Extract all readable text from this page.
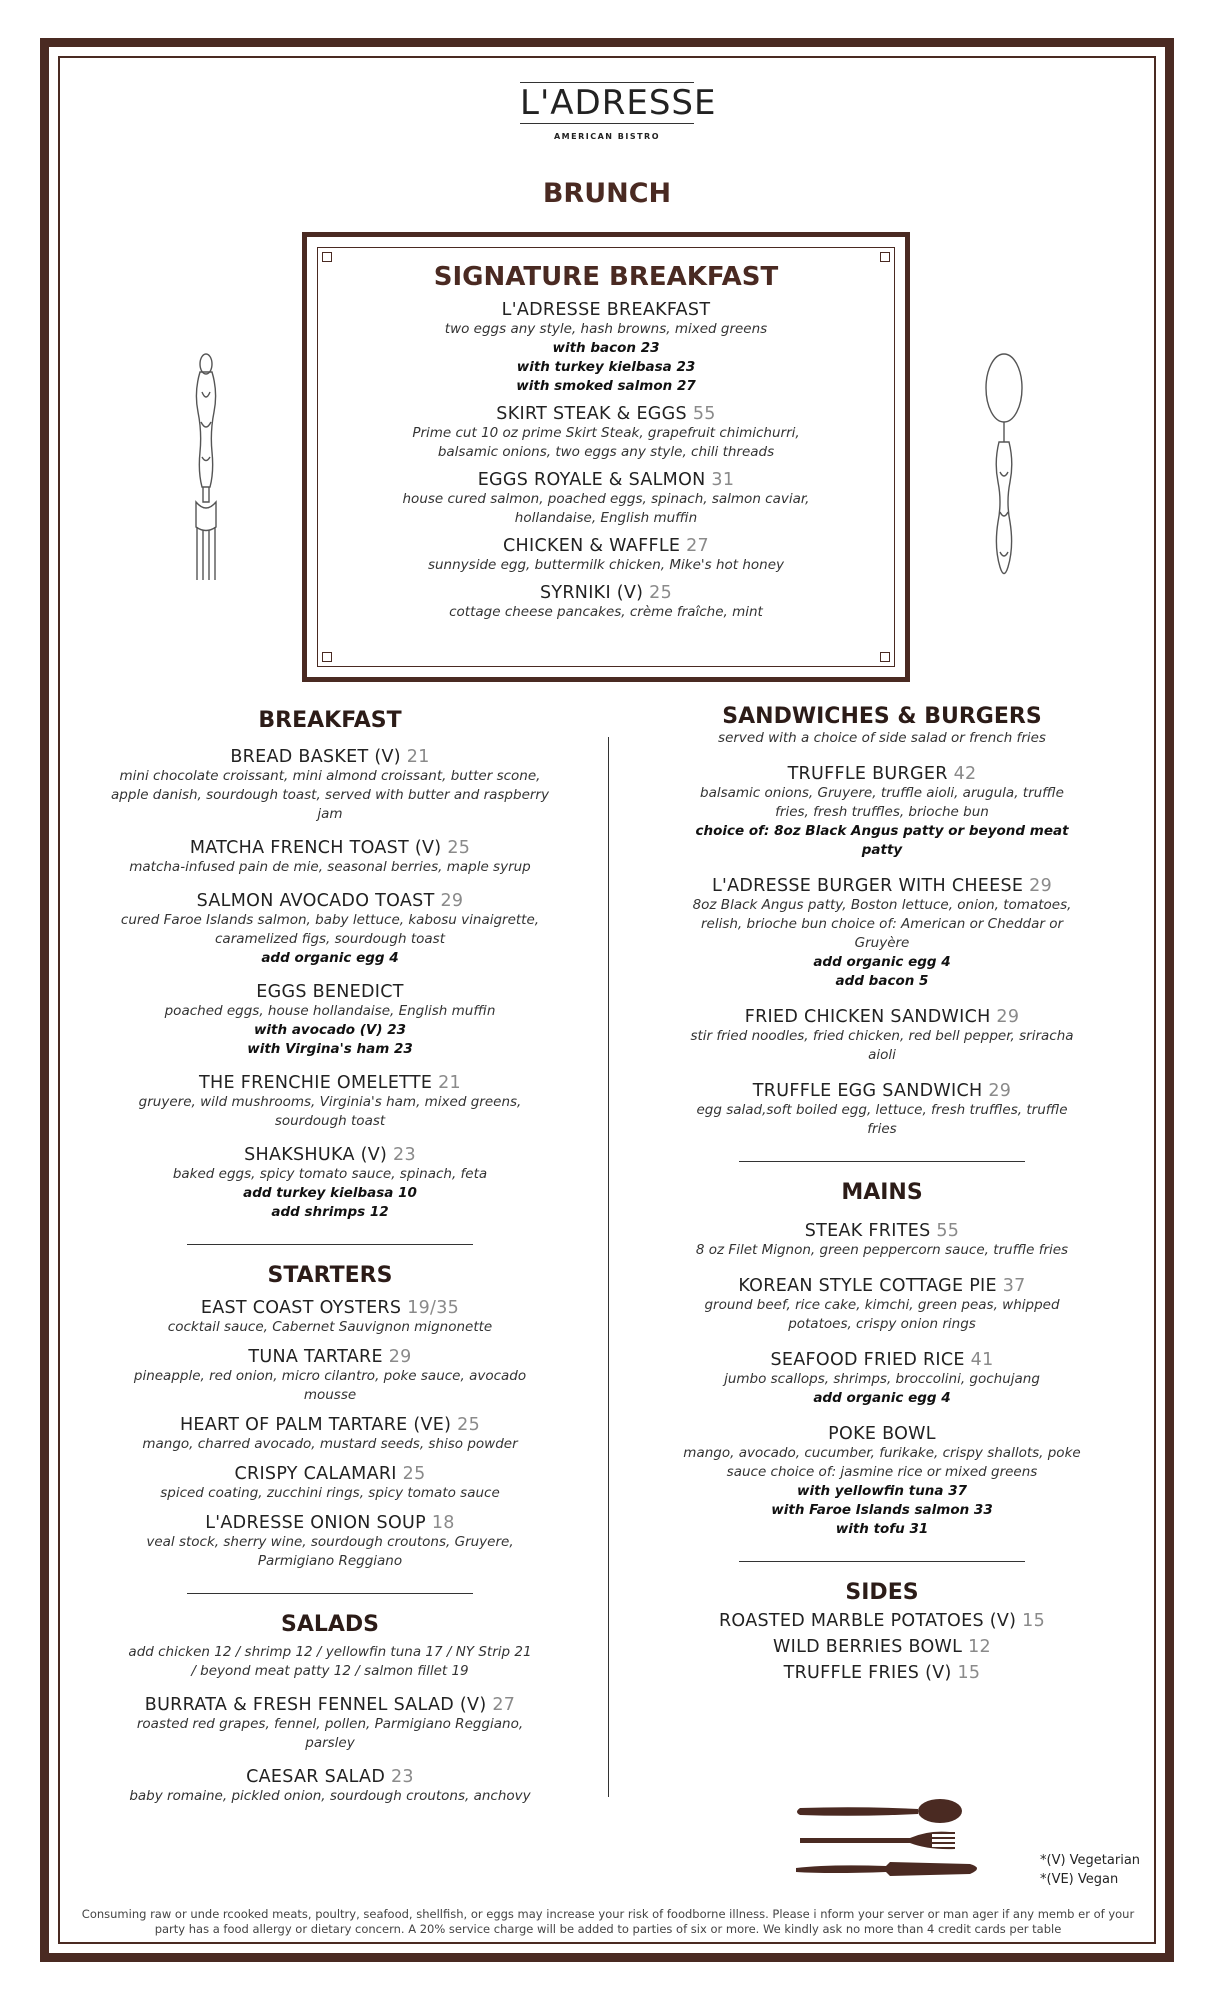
L'ADRESSE
AMERICAN BISTRO
BRUNCH
SIGNATURE BREAKFAST
L'ADRESSE BREAKFAST
two eggs any style, hash browns, mixed greens
with bacon 23
with turkey kielbasa 23
with smoked salmon 27
SKIRT STEAK & EGGS 55
Prime cut 10 oz prime Skirt Steak, grapefruit chimichurri, balsamic onions, two eggs any style, chili threads
EGGS ROYALE & SALMON 31
house cured salmon, poached eggs, spinach, salmon caviar, hollandaise, English muffin
CHICKEN & WAFFLE 27
sunnyside egg, buttermilk chicken, Mike's hot honey
SYRNIKI (V) 25
cottage cheese pancakes, crème fraîche, mint
BREAKFAST
BREAD BASKET (V) 21
mini chocolate croissant, mini almond croissant, butter scone, apple danish, sourdough toast, served with butter and raspberry jam
MATCHA FRENCH TOAST (V) 25
matcha-infused pain de mie, seasonal berries, maple syrup
SALMON AVOCADO TOAST 29
cured Faroe Islands salmon, baby lettuce, kabosu vinaigrette, caramelized figs, sourdough toast
add organic egg 4
EGGS BENEDICT
poached eggs, house hollandaise, English muffin
with avocado (V) 23
with Virgina's ham 23
THE FRENCHIE OMELETTE 21
gruyere, wild mushrooms, Virginia's ham, mixed greens, sourdough toast
SHAKSHUKA (V) 23
baked eggs, spicy tomato sauce, spinach, feta
add turkey kielbasa 10
add shrimps 12
STARTERS
EAST COAST OYSTERS 19/35
cocktail sauce, Cabernet Sauvignon mignonette
TUNA TARTARE 29
pineapple, red onion, micro cilantro, poke sauce, avocado mousse
HEART OF PALM TARTARE (VE) 25
mango, charred avocado, mustard seeds, shiso powder
CRISPY CALAMARI 25
spiced coating, zucchini rings, spicy tomato sauce
L'ADRESSE ONION SOUP 18
veal stock, sherry wine, sourdough croutons, Gruyere, Parmigiano Reggiano
SALADS
add chicken 12 / shrimp 12 / yellowfin tuna 17 / NY Strip 21 / beyond meat patty 12 / salmon fillet 19
BURRATA & FRESH FENNEL SALAD (V) 27
roasted red grapes, fennel, pollen, Parmigiano Reggiano, parsley
CAESAR SALAD 23
baby romaine, pickled onion, sourdough croutons, anchovy
SANDWICHES & BURGERS
served with a choice of side salad or french fries
TRUFFLE BURGER 42
balsamic onions, Gruyere, truffle aioli, arugula, truffle fries, fresh truffles, brioche bun
choice of: 8oz Black Angus patty or beyond meat patty
L'ADRESSE BURGER WITH CHEESE 29
8oz Black Angus patty, Boston lettuce, onion, tomatoes, relish, brioche bun choice of: American or Cheddar or Gruyère
add organic egg 4
add bacon 5
FRIED CHICKEN SANDWICH 29
stir fried noodles, fried chicken, red bell pepper, sriracha aioli
TRUFFLE EGG SANDWICH 29
egg salad,soft boiled egg, lettuce, fresh truffles, truffle fries
MAINS
STEAK FRITES 55
8 oz Filet Mignon, green peppercorn sauce, truffle fries
KOREAN STYLE COTTAGE PIE 37
ground beef, rice cake, kimchi, green peas, whipped potatoes, crispy onion rings
SEAFOOD FRIED RICE 41
jumbo scallops, shrimps, broccolini, gochujang
add organic egg 4
POKE BOWL
mango, avocado, cucumber, furikake, crispy shallots, poke sauce choice of: jasmine rice or mixed greens
with yellowfin tuna 37
with Faroe Islands salmon 33
with tofu 31
SIDES
ROASTED MARBLE POTATOES (V) 15
WILD BERRIES BOWL 12
TRUFFLE FRIES (V) 15
*(V) Vegetarian
*(VE) Vegan
Consuming raw or unde rcooked meats, poultry, seafood, shellfish, or eggs may increase your risk of foodborne illness. Please i nform your server or man ager if any memb er of your party has a food allergy or dietary concern. A 20% service charge will be added to parties of six or more. We kindly ask no more than 4 credit cards per table
